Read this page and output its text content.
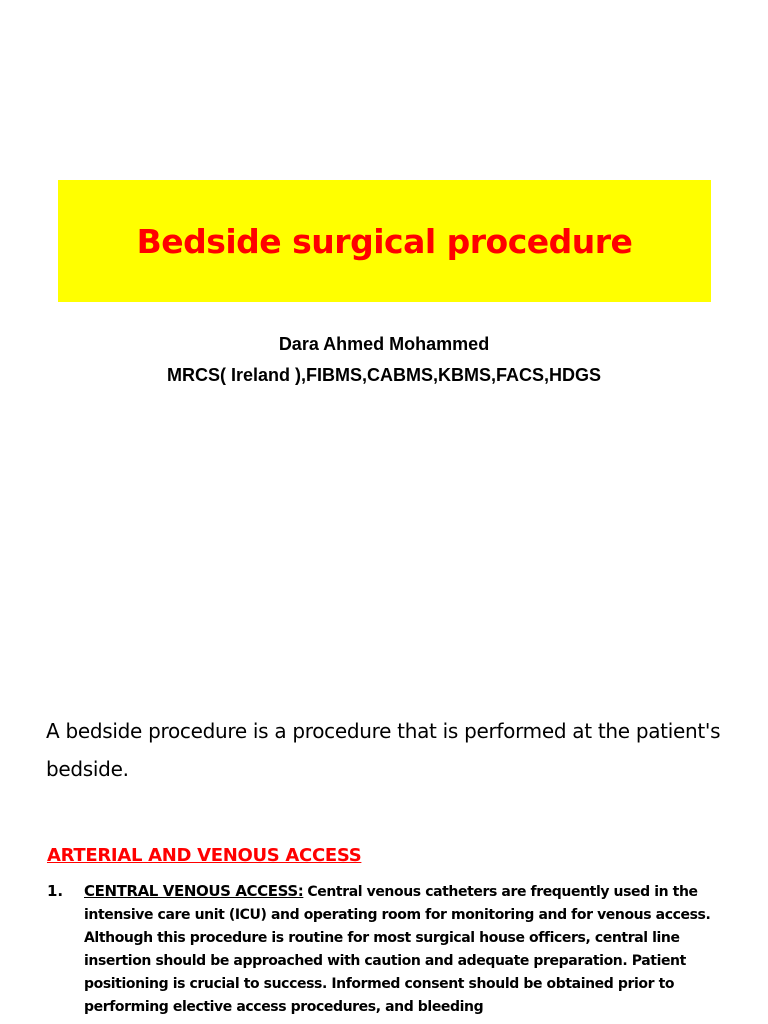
Bedside surgical procedure
Dara Ahmed Mohammed
MRCS( Ireland ),FIBMS,CABMS,KBMS,FACS,HDGS

A bedside procedure is a procedure that is performed at the patient's bedside.

ARTERIAL AND VENOUS ACCESS
1. CENTRAL VENOUS ACCESS: Central venous catheters are frequently used in the intensive care unit (ICU) and operating room for monitoring and for venous access. Although this procedure is routine for most surgical house officers, central line insertion should be approached with caution and adequate preparation. Patient positioning is crucial to success. Informed consent should be obtained prior to performing elective access procedures, and bleeding
